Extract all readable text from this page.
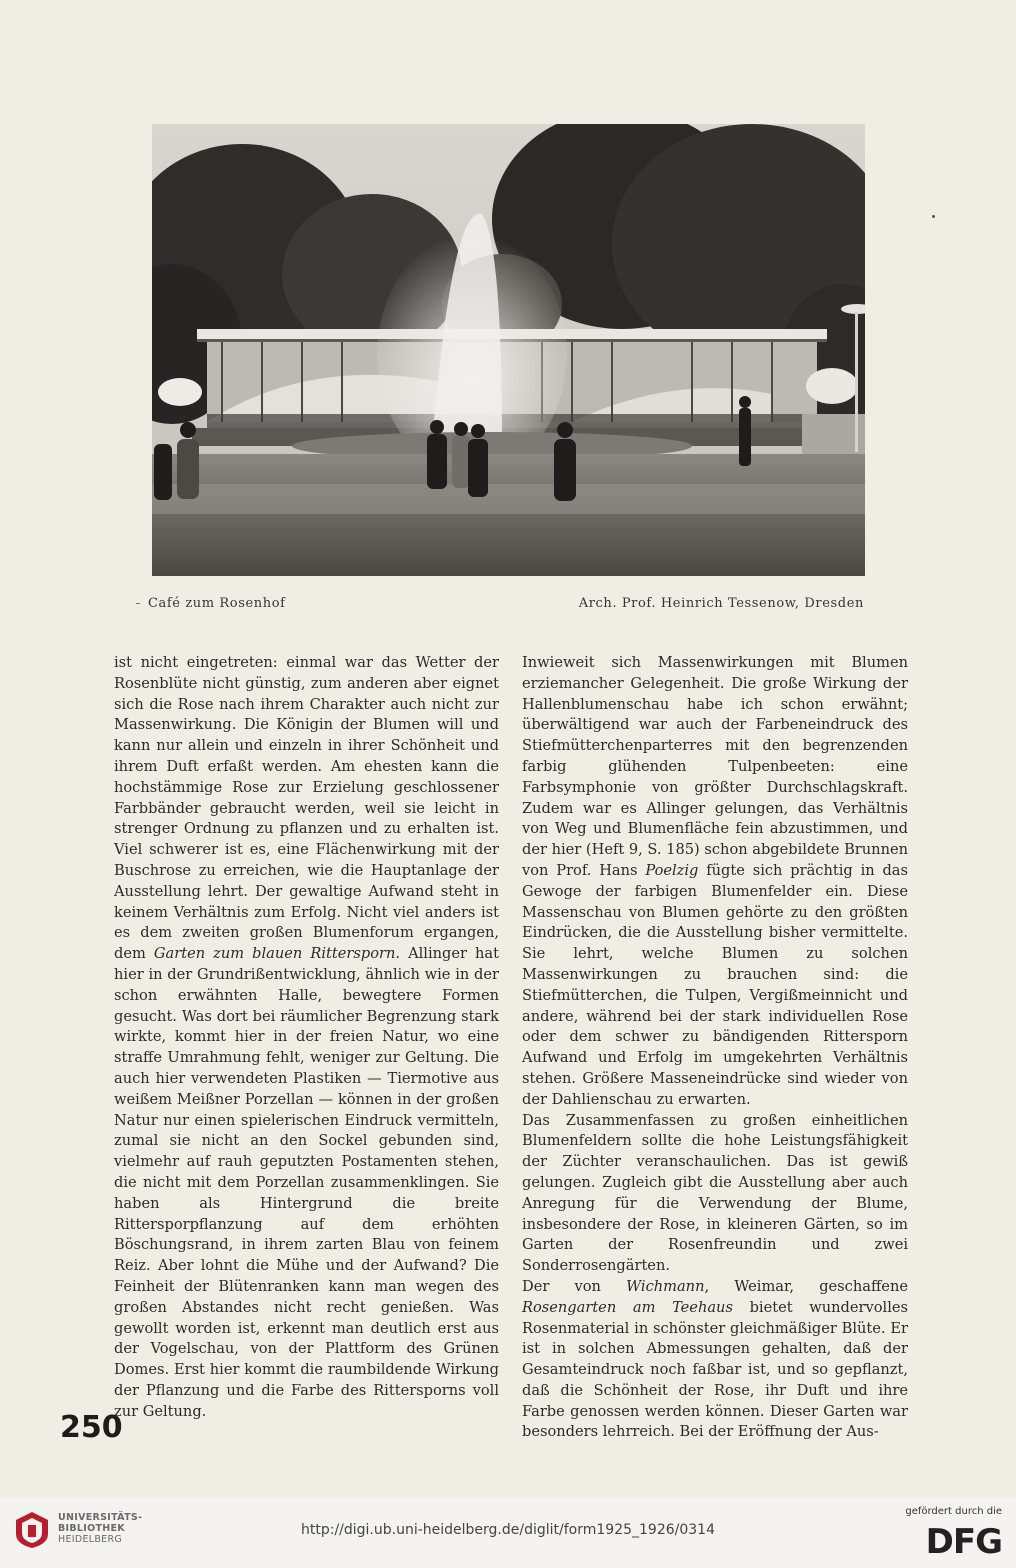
Café zum Rosenhof	Arch. Prof. Heinrich Tessenow, Dresden

ist nicht eingetreten: einmal war das Wetter der Rosenblüte nicht günstig, zum anderen aber eignet sich die Rose nach ihrem Charakter auch nicht zur Massenwirkung. Die Königin der Blumen will und kann nur allein und einzeln in ihrer Schönheit und ihrem Duft erfaßt werden. Am ehesten kann die hochstämmige Rose zur Erzielung geschlossener Farbbänder gebraucht werden, weil sie leicht in strenger Ordnung zu pflanzen und zu erhalten ist. Viel schwerer ist es, eine Flächenwirkung mit der Buschrose zu erreichen, wie die Hauptanlage der Ausstellung lehrt. Der gewaltige Aufwand steht in keinem Verhältnis zum Erfolg. Nicht viel anders ist es dem zweiten großen Blumenforum ergangen, dem Garten zum blauen Rittersporn. Allinger hat hier in der Grundrißentwicklung, ähnlich wie in der schon erwähnten Halle, bewegtere Formen gesucht. Was dort bei räumlicher Begrenzung stark wirkte, kommt hier in der freien Natur, wo eine straffe Umrahmung fehlt, weniger zur Geltung. Die auch hier verwendeten Plastiken — Tiermotive aus weißem Meißner Porzellan — können in der großen Natur nur einen spielerischen Eindruck vermitteln, zumal sie nicht an den Sockel gebunden sind, vielmehr auf rauh geputzten Postamenten stehen, die nicht mit dem Porzellan zusammenklingen. Sie haben als Hintergrund die breite Rittersporpflanzung auf dem erhöhten Böschungsrand, in ihrem zarten Blau von feinem Reiz. Aber lohnt die Mühe und der Aufwand? Die Feinheit der Blütenranken kann man wegen des großen Abstandes nicht recht genießen. Was gewollt worden ist, erkennt man deutlich erst aus der Vogelschau, von der Plattform des Grünen Domes. Erst hier kommt die raumbildende Wirkung der Pflanzung und die Farbe des Rittersporns voll zur Geltung.

Inwieweit sich Massenwirkungen mit Blumen erziemancher Gelegenheit. Die große Wirkung der Hallenblumenschau habe ich schon erwähnt; überwältigend war auch der Farbeneindruck des Stiefmütterchenparterres mit den begrenzenden farbig glühenden Tulpenbeeten: eine Farbsymphonie von größter Durchschlagskraft. Zudem war es Allinger gelungen, das Verhältnis von Weg und Blumenfläche fein abzustimmen, und der hier (Heft 9, S. 185) schon abgebildete Brunnen von Prof. Hans Poelzig fügte sich prächtig in das Gewoge der farbigen Blumenfelder ein. Diese Massenschau von Blumen gehörte zu den größten Eindrücken, die die Ausstellung bisher vermittelte. Sie lehrt, welche Blumen zu solchen Massenwirkungen zu brauchen sind: die Stiefmütterchen, die Tulpen, Vergißmeinnicht und andere, während bei der stark individuellen Rose oder dem schwer zu bändigenden Rittersporn Aufwand und Erfolg im umgekehrten Verhältnis stehen. Größere Masseneindrücke sind wieder von der Dahlienschau zu erwarten.

Das Zusammenfassen zu großen einheitlichen Blumenfeldern sollte die hohe Leistungsfähigkeit der Züchter veranschaulichen. Das ist gewiß gelungen. Zugleich gibt die Ausstellung aber auch Anregung für die Verwendung der Blume, insbesondere der Rose, in kleineren Gärten, so im Garten der Rosenfreundin und zwei Sonderrosengärten.

Der von Wichmann, Weimar, geschaffene Rosengarten am Teehaus bietet wundervolles Rosenmaterial in schönster gleichmäßiger Blüte. Er ist in solchen Abmessungen gehalten, daß der Gesamteindruck noch faßbar ist, und so gepflanzt, daß die Schönheit der Rose, ihr Duft und ihre Farbe genossen werden können. Dieser Garten war besonders lehrreich. Bei der Eröffnung der Aus-

250
UNIVERSITÄTS-
BIBLIOTHEK
HEIDELBERG
http://digi.ub.uni-heidelberg.de/diglit/form1925_1926/0314
gefördert durch die
DFG
